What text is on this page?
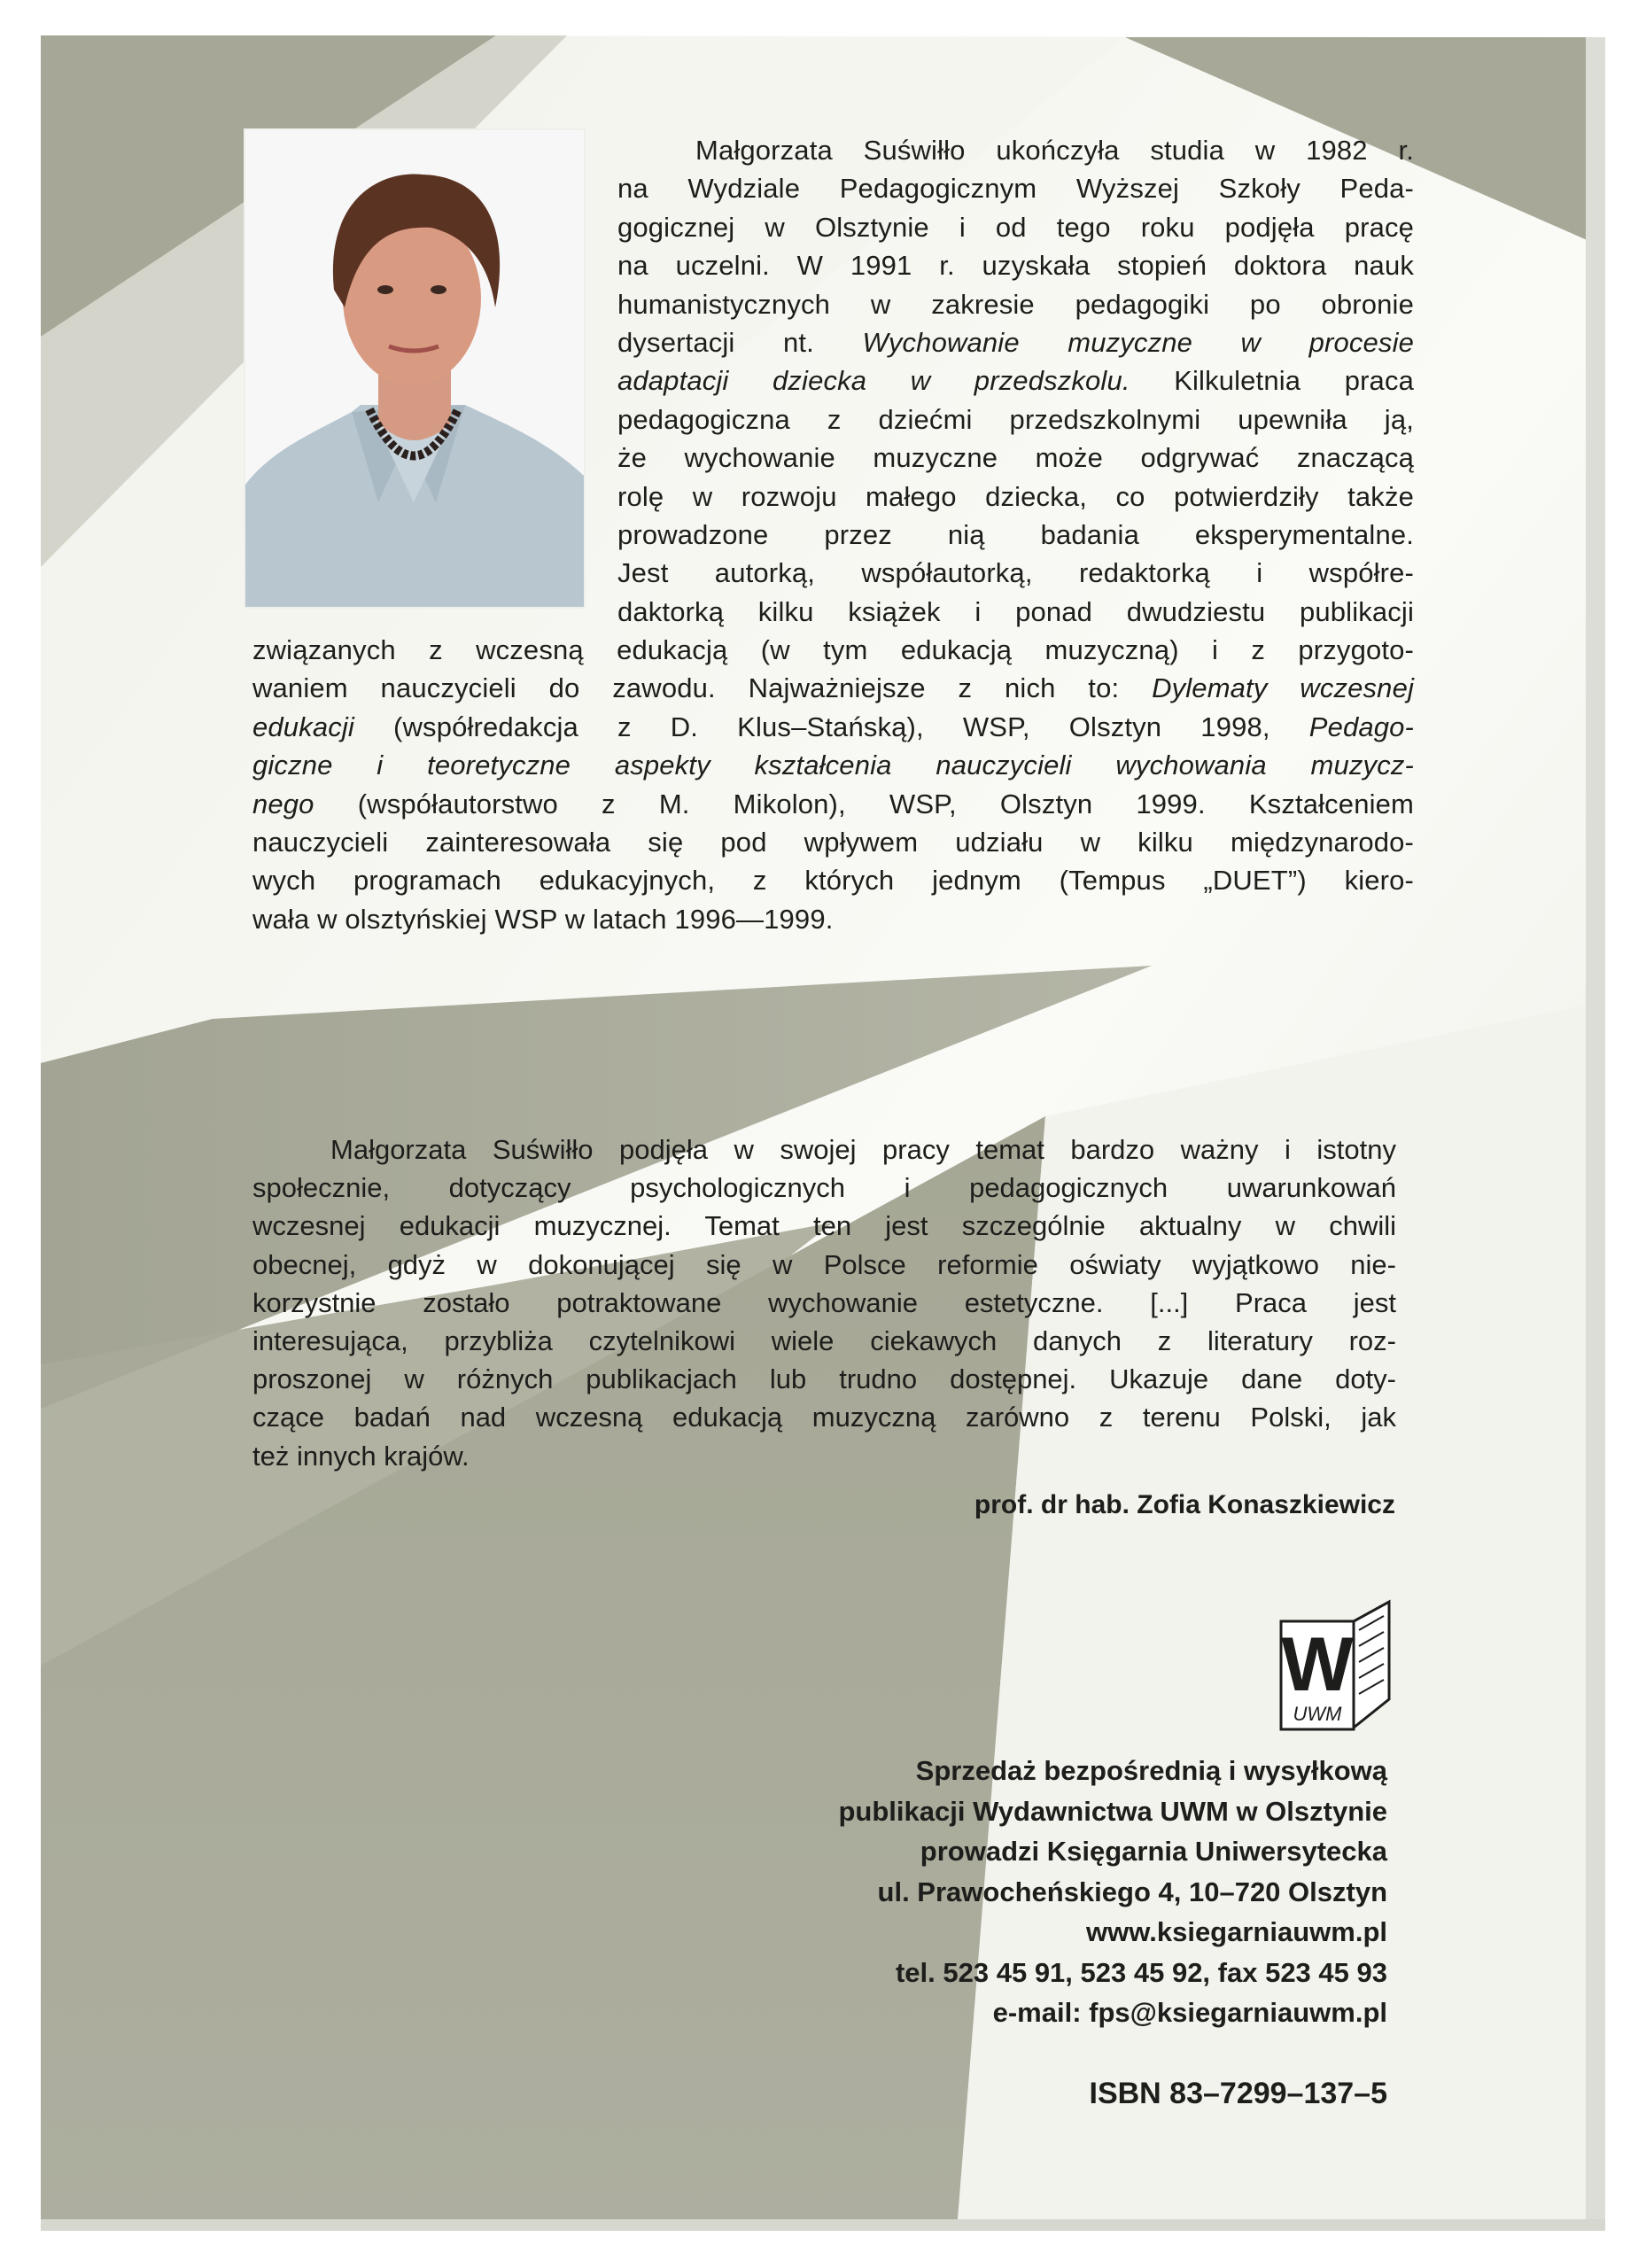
Małgorzata Suświłło ukończyła studia w 1982 r.
na Wydziale Pedagogicznym Wyższej Szkoły Peda-
gogicznej w Olsztynie i od tego roku podjęła pracę
na uczelni. W 1991 r. uzyskała stopień doktora nauk
humanistycznych w zakresie pedagogiki po obronie
dysertacji nt. Wychowanie muzyczne w procesie
adaptacji dziecka w przedszkolu. Kilkuletnia praca
pedagogiczna z dziećmi przedszkolnymi upewniła ją,
że wychowanie muzyczne może odgrywać znaczącą
rolę w rozwoju małego dziecka, co potwierdziły także
prowadzone przez nią badania eksperymentalne.
Jest autorką, współautorką, redaktorką i współre-
daktorką kilku książek i ponad dwudziestu publikacji
związanych z wczesną edukacją (w tym edukacją muzyczną) i z przygoto-
waniem nauczycieli do zawodu. Najważniejsze z nich to: Dylematy wczesnej
edukacji (współredakcja z D. Klus–Stańską), WSP, Olsztyn 1998, Pedago-
giczne i teoretyczne aspekty kształcenia nauczycieli wychowania muzycz-
nego (współautorstwo z M. Mikolon), WSP, Olsztyn 1999. Kształceniem
nauczycieli zainteresowała się pod wpływem udziału w kilku międzynarodo-
wych programach edukacyjnych, z których jednym (Tempus „DUET”) kiero-
wała w olsztyńskiej WSP w latach 1996—1999.
Małgorzata Suświłło podjęła w swojej pracy temat bardzo ważny i istotny
społecznie, dotyczący psychologicznych i pedagogicznych uwarunkowań
wczesnej edukacji muzycznej. Temat ten jest szczególnie aktualny w chwili
obecnej, gdyż w dokonującej się w Polsce reformie oświaty wyjątkowo nie-
korzystnie zostało potraktowane wychowanie estetyczne. [...] Praca jest
interesująca, przybliża czytelnikowi wiele ciekawych danych z literatury roz-
proszonej w różnych publikacjach lub trudno dostępnej. Ukazuje dane doty-
czące badań nad wczesną edukacją muzyczną zarówno z terenu Polski, jak
też innych krajów.
prof. dr hab. Zofia Konaszkiewicz
W
UWM
Sprzedaż bezpośrednią i wysyłkową
publikacji Wydawnictwa UWM w Olsztynie
prowadzi Księgarnia Uniwersytecka
ul. Prawocheńskiego 4, 10–720 Olsztyn
www.ksiegarniauwm.pl
tel. 523 45 91, 523 45 92, fax 523 45 93
e-mail: fps@ksiegarniauwm.pl
ISBN 83–7299–137–5
